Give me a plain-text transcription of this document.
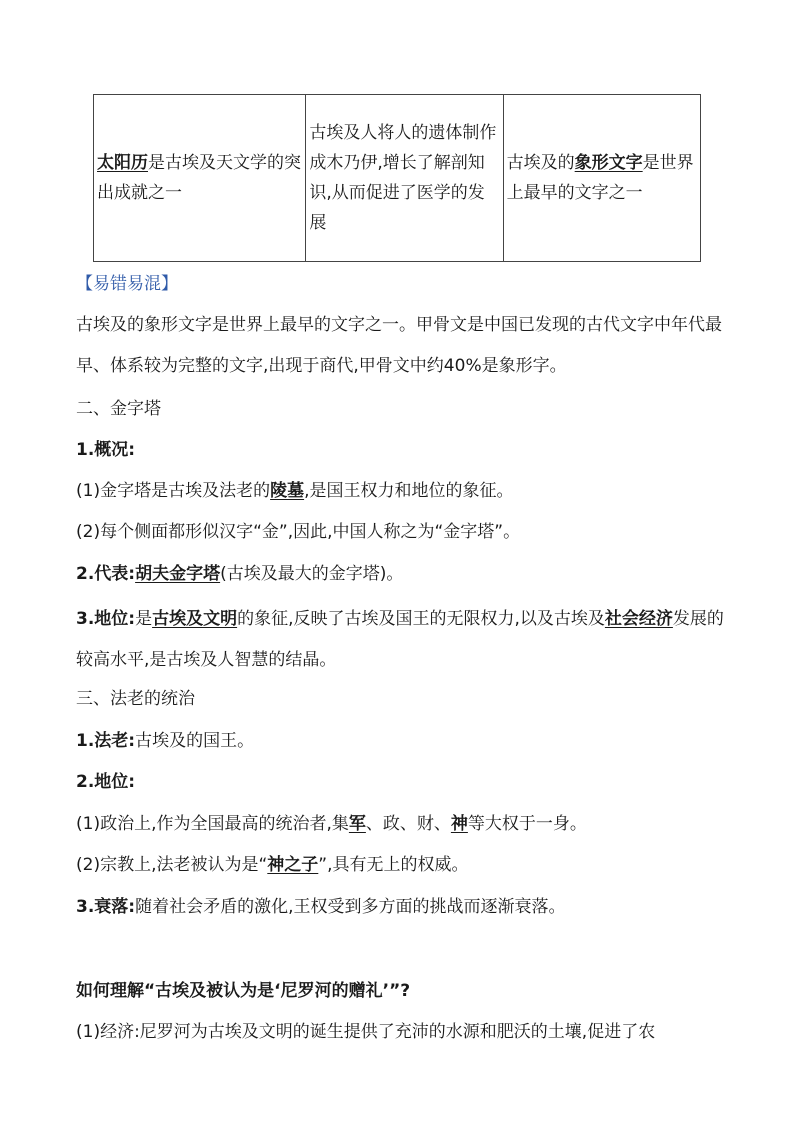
太阳历是古埃及天文学的突出成就之一	古埃及人将人的遗体制作成木乃伊,增长了解剖知识,从而促进了医学的发展	古埃及的象形文字是世界上最早的文字之一
【易错易混】
古埃及的象形文字是世界上最早的文字之一。甲骨文是中国已发现的古代文字中年代最早、体系较为完整的文字,出现于商代,甲骨文中约40%是象形字。
二、金字塔
1.概况:
(1)金字塔是古埃及法老的陵墓,是国王权力和地位的象征。
(2)每个侧面都形似汉字“金”,因此,中国人称之为“金字塔”。
2.代表:胡夫金字塔(古埃及最大的金字塔)。
3.地位:是古埃及文明的象征,反映了古埃及国王的无限权力,以及古埃及社会经济发展的较高水平,是古埃及人智慧的结晶。
三、法老的统治
1.法老:古埃及的国王。
2.地位:
(1)政治上,作为全国最高的统治者,集军、政、财、神等大权于一身。
(2)宗教上,法老被认为是“神之子”,具有无上的权威。
3.衰落:随着社会矛盾的激化,王权受到多方面的挑战而逐渐衰落。
如何理解“古埃及被认为是‘尼罗河的赠礼’”?
(1)经济:尼罗河为古埃及文明的诞生提供了充沛的水源和肥沃的土壤,促进了农
